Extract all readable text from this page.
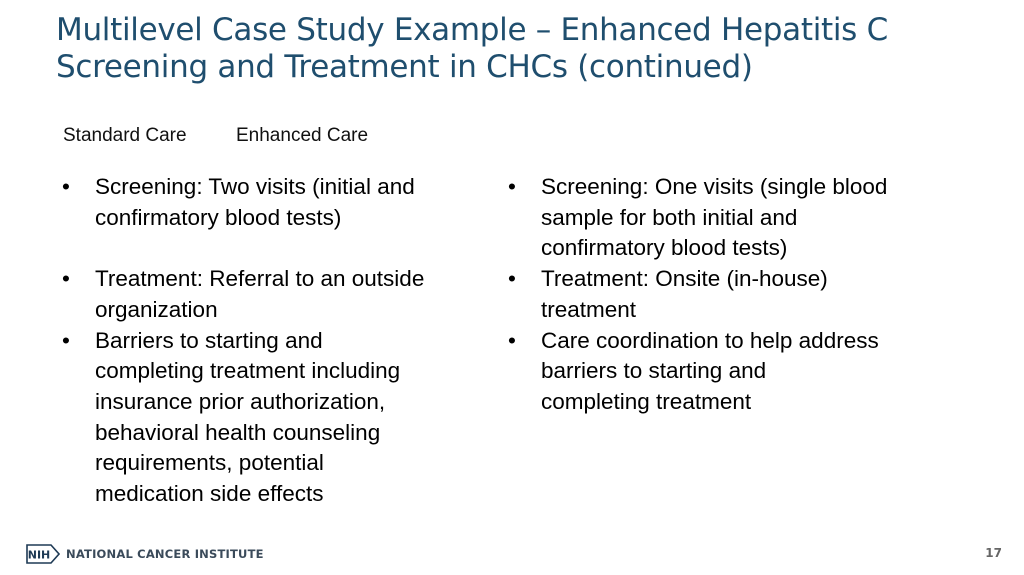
Multilevel Case Study Example – Enhanced Hepatitis C
Screening and Treatment in CHCs (continued)
Standard Care	Enhanced Care
•	Screening: Two visits (initial and
confirmatory blood tests)
•	Treatment: Referral to an outside
organization
•	Barriers to starting and
completing treatment including
insurance prior authorization,
behavioral health counseling
requirements, potential
medication side effects
•	Screening: One visits (single blood
sample for both initial and
confirmatory blood tests)
•	Treatment: Onsite (in-house)
treatment
•	Care coordination to help address
barriers to starting and
completing treatment
NIH NATIONAL CANCER INSTITUTE	17
